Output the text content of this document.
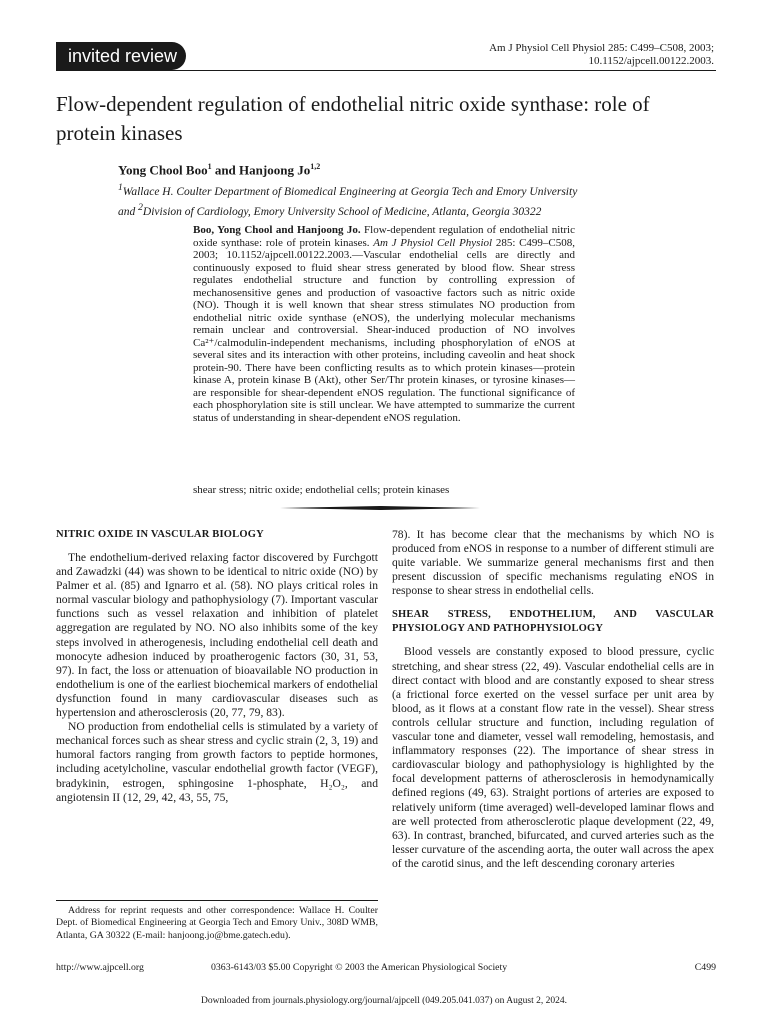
invited review	Am J Physiol Cell Physiol 285: C499–C508, 2003;
10.1152/ajpcell.00122.2003.
Flow-dependent regulation of endothelial nitric oxide synthase: role of protein kinases
Yong Chool Boo$^1$ and Hanjoong Jo$^{1,2}$
$^1$Wallace H. Coulter Department of Biomedical Engineering at Georgia Tech and Emory University
and $^2$Division of Cardiology, Emory University School of Medicine, Atlanta, Georgia 30322
Boo, Yong Chool and Hanjoong Jo. Flow-dependent regulation of endothelial nitric oxide synthase: role of protein kinases. Am J Physiol Cell Physiol 285: C499–C508, 2003; 10.1152/ajpcell.00122.2003.—Vascular endothelial cells are directly and continuously exposed to fluid shear stress generated by blood flow. Shear stress regulates endothelial structure and function by controlling expression of mechanosensitive genes and production of vasoactive factors such as nitric oxide (NO). Though it is well known that shear stress stimulates NO production from endothelial nitric oxide synthase (eNOS), the underlying molecular mechanisms remain unclear and controversial. Shear-induced production of NO involves Ca²⁺/calmodulin-independent mechanisms, including phosphorylation of eNOS at several sites and its interaction with other proteins, including caveolin and heat shock protein-90. There have been conflicting results as to which protein kinases—protein kinase A, protein kinase B (Akt), other Ser/Thr protein kinases, or tyrosine kinases—are responsible for shear-dependent eNOS regulation. The functional significance of each phosphorylation site is still unclear. We have attempted to summarize the current status of understanding in shear-dependent eNOS regulation.
shear stress; nitric oxide; endothelial cells; protein kinases
NITRIC OXIDE IN VASCULAR BIOLOGY

The endothelium-derived relaxing factor discovered by Furchgott and Zawadzki (44) was shown to be identical to nitric oxide (NO) by Palmer et al. (85) and Ignarro et al. (58). NO plays critical roles in normal vascular biology and pathophysiology (7). Important vascular functions such as vessel relaxation and inhibition of platelet aggregation are regulated by NO. NO also inhibits some of the key steps involved in atherogenesis, including endothelial cell death and monocyte adhesion induced by proatherogenic factors (30, 31, 53, 97). In fact, the loss or attenuation of bioavailable NO production in endothelium is one of the earliest biochemical markers of endothelial dysfunction found in many cardiovascular diseases such as hypertension and atherosclerosis (20, 77, 79, 83).

NO production from endothelial cells is stimulated by a variety of mechanical forces such as shear stress and cyclic strain (2, 3, 19) and humoral factors ranging from growth factors to peptide hormones, including acetylcholine, vascular endothelial growth factor (VEGF), bradykinin, estrogen, sphingosine 1-phosphate, H₂O₂, and angiotensin II (12, 29, 42, 43, 55, 75,

78). It has become clear that the mechanisms by which NO is produced from eNOS in response to a number of different stimuli are quite variable. We summarize general mechanisms first and then present discussion of specific mechanisms regulating eNOS in response to shear stress in endothelial cells.

SHEAR STRESS, ENDOTHELIUM, AND VASCULAR PHYSIOLOGY AND PATHOPHYSIOLOGY

Blood vessels are constantly exposed to blood pressure, cyclic stretching, and shear stress (22, 49). Vascular endothelial cells are in direct contact with blood and are constantly exposed to shear stress (a frictional force exerted on the vessel surface per unit area by blood, as it flows at a constant flow rate in the vessel). Shear stress controls cellular structure and function, including regulation of vascular tone and diameter, vessel wall remodeling, hemostasis, and inflammatory responses (22). The importance of shear stress in cardiovascular biology and pathophysiology is highlighted by the focal development patterns of atherosclerosis in hemodynamically defined regions (49, 63). Straight portions of arteries are exposed to relatively uniform (time averaged) well-developed laminar flows and are well protected from atherosclerotic plaque development (22, 49, 63). In contrast, branched, bifurcated, and curved arteries such as the lesser curvature of the ascending aorta, the outer wall across the apex of the carotid sinus, and the left descending coronary arteries

Address for reprint requests and other correspondence: Wallace H. Coulter Dept. of Biomedical Engineering at Georgia Tech and Emory Univ., 308D WMB, Atlanta, GA 30322 (E-mail: hanjoong.jo@bme.gatech.edu).
http://www.ajpcell.org	0363-6143/03 $5.00 Copyright © 2003 the American Physiological Society	C499
Downloaded from journals.physiology.org/journal/ajpcell (049.205.041.037) on August 2, 2024.
